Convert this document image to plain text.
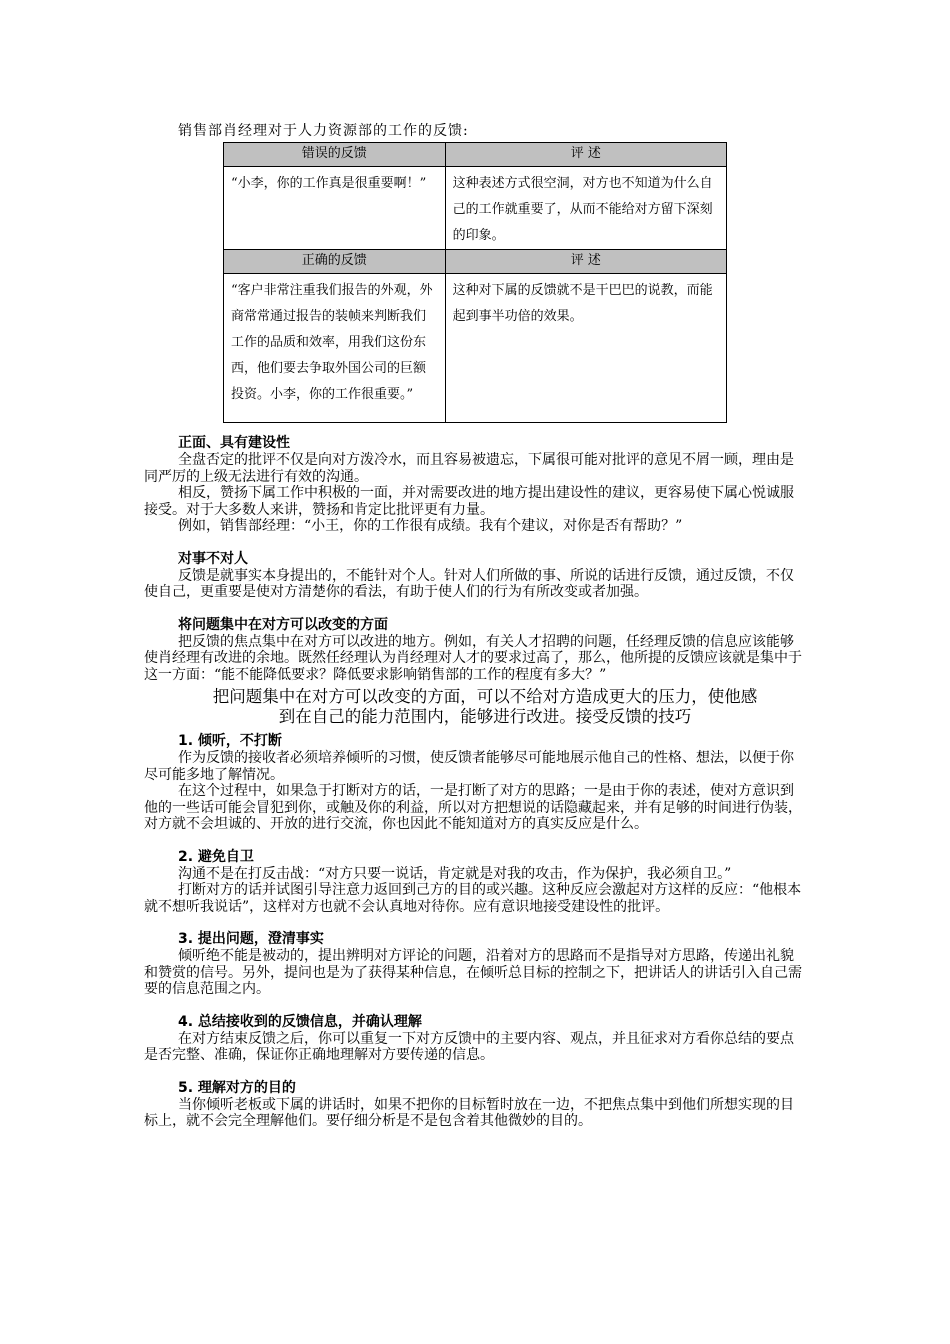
销售部肖经理对于人力资源部的工作的反馈:
错误的反馈	评 述
“小李，你的工作真是很重要啊！”	这种表述方式很空洞，对方也不知道为什么自己的工作就重要了，从而不能给对方留下深刻的印象。
正确的反馈	评 述
“客户非常注重我们报告的外观，外商常常通过报告的装帧来判断我们工作的品质和效率，用我们这份东西，他们要去争取外国公司的巨额投资。小李，你的工作很重要。”	这种对下属的反馈就不是干巴巴的说教，而能起到事半功倍的效果。
正面、具有建设性

全盘否定的批评不仅是向对方泼冷水，而且容易被遗忘，下属很可能对批评的意见不屑一顾，理由是同严厉的上级无法进行有效的沟通。

相反，赞扬下属工作中积极的一面，并对需要改进的地方提出建设性的建议，更容易使下属心悦诚服接受。对于大多数人来讲，赞扬和肯定比批评更有力量。

例如，销售部经理：“小王，你的工作很有成绩。我有个建议，对你是否有帮助？”

对事不对人

反馈是就事实本身提出的，不能针对个人。针对人们所做的事、所说的话进行反馈，通过反馈，不仅使自己，更重要是使对方清楚你的看法，有助于使人们的行为有所改变或者加强。

将问题集中在对方可以改变的方面

把反馈的焦点集中在对方可以改进的地方。例如，有关人才招聘的问题，任经理反馈的信息应该能够使肖经理有改进的余地。既然任经理认为肖经理对人才的要求过高了，那么，他所提的反馈应该就是集中于这一方面：“能不能降低要求？降低要求影响销售部的工作的程度有多大？”

把问题集中在对方可以改变的方面，可以不给对方造成更大的压力，使他感
到在自己的能力范围内，能够进行改进。接受反馈的技巧
1. 倾听，不打断

作为反馈的接收者必须培养倾听的习惯，使反馈者能够尽可能地展示他自己的性格、想法，以便于你尽可能多地了解情况。

在这个过程中，如果急于打断对方的话，一是打断了对方的思路；一是由于你的表述，使对方意识到他的一些话可能会冒犯到你，或触及你的利益，所以对方把想说的话隐藏起来，并有足够的时间进行伪装，对方就不会坦诚的、开放的进行交流，你也因此不能知道对方的真实反应是什么。

2. 避免自卫

沟通不是在打反击战：“对方只要一说话，肯定就是对我的攻击，作为保护，我必须自卫。”

打断对方的话并试图引导注意力返回到己方的目的或兴趣。这种反应会激起对方这样的反应：“他根本就不想听我说话”，这样对方也就不会认真地对待你。应有意识地接受建设性的批评。

3. 提出问题，澄清事实

倾听绝不能是被动的，提出辨明对方评论的问题，沿着对方的思路而不是指导对方思路，传递出礼貌和赞赏的信号。另外，提问也是为了获得某种信息，在倾听总目标的控制之下，把讲话人的讲话引入自己需要的信息范围之内。

4. 总结接收到的反馈信息，并确认理解

在对方结束反馈之后，你可以重复一下对方反馈中的主要内容、观点，并且征求对方看你总结的要点是否完整、准确，保证你正确地理解对方要传递的信息。

5. 理解对方的目的

当你倾听老板或下属的讲话时，如果不把你的目标暂时放在一边，不把焦点集中到他们所想实现的目标上，就不会完全理解他们。要仔细分析是不是包含着其他微妙的目的。
